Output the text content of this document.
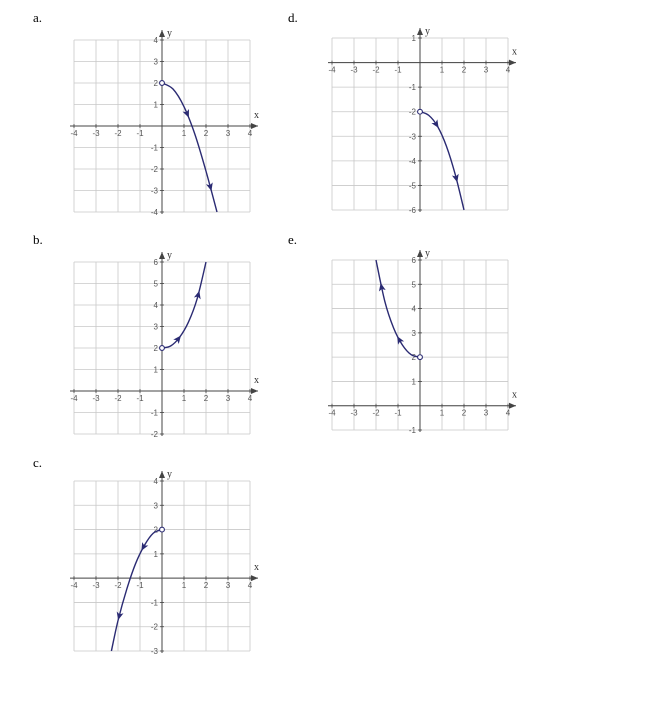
a.
b.
c.
d.
e.
x
y
-4 -3 -2 -1	1 2 3 4
-4
-3
-2
-1
1
2
3
4
x
y
-4 -3 -2 -1	1 2 3 4
-2
-1
1
2
3
4
5
6
x
y
-4 -3 -2 -1	1 2 3 4
-3
-2
-1
1
2
3
4
x
y
-4 -3 -2 -1	1 2 3 4
-6
-5
-4
-3
-2
-1
1
x
y
-4 -3 -2 -1	1 2 3 4
-1
1
2
3
4
5
6
